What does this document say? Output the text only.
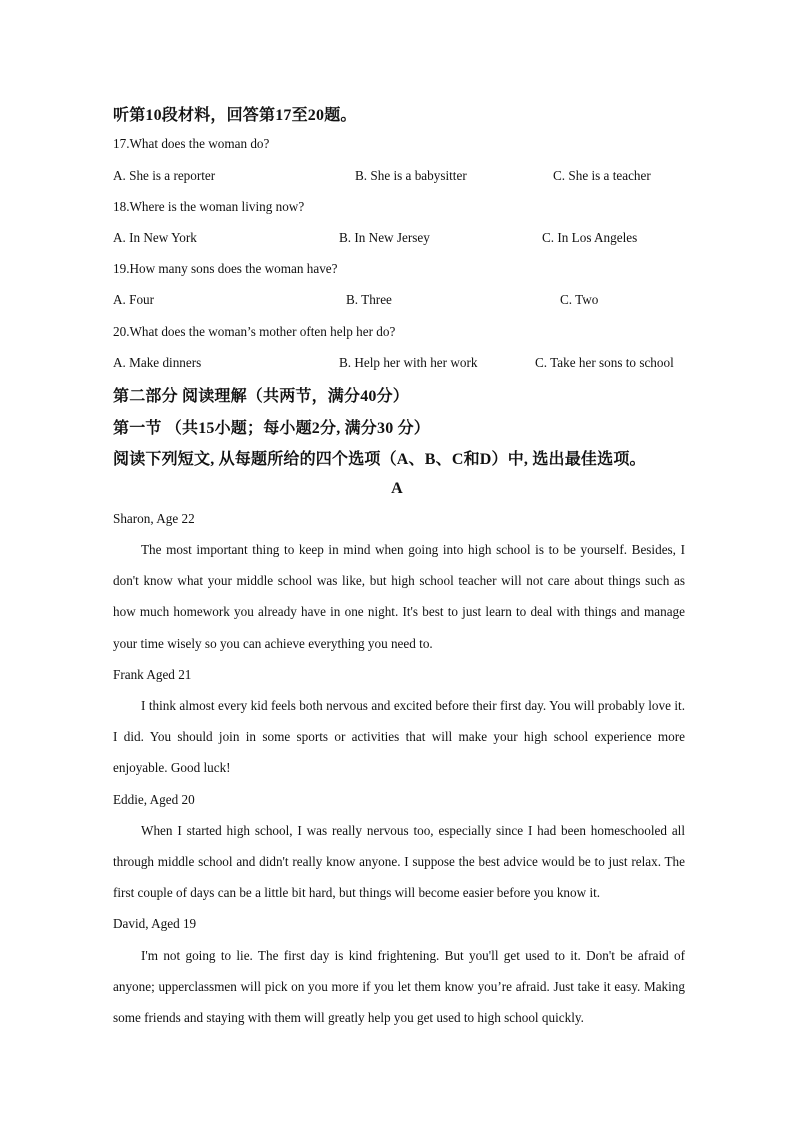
听第10段材料，回答第17至20题。
17.What does the woman do?
A. She is a reporter	B. She is a babysitter	C. She is a teacher
18.Where is the woman living now?
A. In New York	B. In New Jersey	C. In Los Angeles
19.How many sons does the woman have?
A. Four	B. Three	C. Two
20.What does the woman’s mother often help her do?
A. Make dinners	B. Help her with her work	C. Take her sons to school
第二部分 阅读理解（共两节，满分40分）
第一节 （共15小题；每小题2分, 满分30 分）
阅读下列短文, 从每题所给的四个选项（A、B、C和D）中, 选出最佳选项。
A
Sharon, Age 22
The most important thing to keep in mind when going into high school is to be yourself. Besides, I don't know what your middle school was like, but high school teacher will not care about things such as how much homework you already have in one night. It's best to just learn to deal with things and manage your time wisely so you can achieve everything you need to.
Frank Aged 21
I think almost every kid feels both nervous and excited before their first day. You will probably love it. I did. You should join in some sports or activities that will make your high school experience more enjoyable. Good luck!
Eddie, Aged 20
When I started high school, I was really nervous too, especially since I had been homeschooled all through middle school and didn't really know anyone. I suppose the best advice would be to just relax. The first couple of days can be a little bit hard, but things will become easier before you know it.
David, Aged 19
I'm not going to lie. The first day is kind frightening. But you'll get used to it. Don't be afraid of anyone; upperclassmen will pick on you more if you let them know you’re afraid. Just take it easy. Making some friends and staying with them will greatly help you get used to high school quickly.
